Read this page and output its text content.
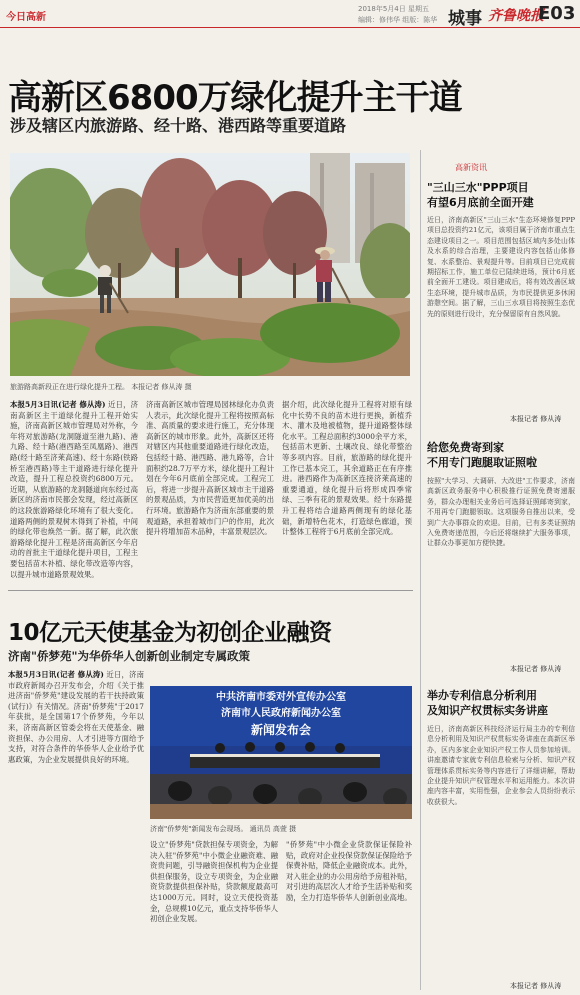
今日高新
2018年5月4日 星期五
编辑：修伟华 组版：陈华 城事 齐鲁晚报
E03
高新区6800万绿化提升主干道
涉及辖区内旅游路、经十路、港西路等重要道路
旅游路高新段正在进行绿化提升工程。 本报记者 修从涛 摄
本报5月3日讯(记者 修从涛) 近日，济南高新区主干道绿化提升工程开始实施，济南高新区城市管理局对外称，今年将对旅游路(龙洞隧道至港九路)、港九路、经十路(港西路至凤凰路)、港西路(经十路至济莱高速)、经十东路(铁路桥至港西路)等主干道路进行绿化提升改造，提升工程总投资约6800万元。近期，从旅游路的龙洞隧道向东经过高新区的济南市民都会发现，经过高新区的这段旅游路绿化环境有了很大变化。道路两侧的景观树木得到了补植，中间的绿化带也焕然一新。据了解，此次旅游路绿化提升工程是济南高新区今年启动的首批主干道绿化提升项目，工程主要包括苗木补植、绿化带改造等内容，以提升城市道路景观效果。
济南高新区城市管理局园林绿化办负责人表示，此次绿化提升工程将按照高标准、高质量的要求进行施工，充分体现高新区的城市形象。此外，高新区还将对辖区内其他重要道路进行绿化改造，包括经十路、港西路、港九路等，合计面积约28.7万平方米，绿化提升工程计划在今年6月底前全部完成。工程完工后，将进一步提升高新区城市主干道路的景观品质，为市民营造更加优美的出行环境。旅游路作为济南东部重要的景观道路，承担着城市门户的作用，此次提升将增加苗木品种，丰富景观层次。
据介绍，此次绿化提升工程将对原有绿化中长势不良的苗木进行更换，新植乔木、灌木及地被植物，提升道路整体绿化水平。工程总面积约3000余平方米，包括苗木更新、土壤改良、绿化带整治等多项内容。目前，旅游路的绿化提升工作已基本完工，其余道路正在有序推进。港西路作为高新区连接济莱高速的重要通道，绿化提升后将形成四季常绿、三季有花的景观效果。经十东路提升工程将结合道路两侧现有的绿化基础，新增特色花木，打造绿色廊道，预计整体工程将于6月底前全部完成。
高新资讯
"三山三水"PPP项目
有望6月底前全面开建
近日，济南高新区"三山三水"生态环境修复PPP项目总投资约21亿元，该项目属于济南市重点生态建设项目之一。项目范围包括区域内多处山体及水系的综合治理，主要建设内容包括山体修复、水系整治、景观提升等。目前项目已完成前期招标工作，施工单位已陆续进场，预计6月底前全面开工建设。项目建成后，将有效改善区域生态环境，提升城市品质，为市民提供更多休闲游憩空间。据了解，三山三水项目将按照生态优先的原则进行设计，充分保留原有自然风貌。
本报记者 修从涛
给您免费寄到家
不用专门跑腿取证照啦
按照"大学习、大调研、大改进"工作要求，济南高新区政务服务中心积极推行证照免费寄递服务，群众办理相关业务后可选择证照邮寄到家，不用再专门跑腿领取。这项服务自推出以来，受到广大办事群众的欢迎。目前，已有多类证照纳入免费寄递范围，今后还将继续扩大服务事项，让群众办事更加方便快捷。
本报记者 修从涛
举办专利信息分析利用
及知识产权贯标实务讲座
近日，济南高新区科技经济运行局主办的专利信息分析利用及知识产权贯标实务讲座在高新区举办，区内多家企业知识产权工作人员参加培训。讲座邀请专家就专利信息检索与分析、知识产权管理体系贯标实务等内容进行了详细讲解，帮助企业提升知识产权管理水平和运用能力。本次讲座内容丰富，实用性强，企业参会人员纷纷表示收获很大。
本报记者 修从涛
10亿元天使基金为初创企业融资
济南"侨梦苑"为华侨华人创新创业制定专属政策
本报5月3日讯(记者 修从涛) 近日，济南市政府新闻办召开发布会，介绍《关于推进济南"侨梦苑"建设发展的若干扶持政策(试行)》有关情况。济南"侨梦苑"于2017年获批，是全国第17个侨梦苑，今年以来，济南高新区管委会将在天使基金、融资担保、办公用房、人才引进等方面给予支持，对符合条件的华侨华人企业给予优惠政策，为企业发展提供良好的环境。
中共济南市委对外宣传办公室
济南市人民政府新闻办公室
新闻发布会
济南"侨梦苑"新闻发布会现场。 通讯员 高萱 摄
设立"侨梦苑"贷款担保专项资金，为解决入驻"侨梦苑"中小微企业融资难、融资贵问题，引导融资担保机构为企业提供担保服务，设立专项资金，为企业融资贷款提供担保补贴，贷款额度最高可达1000万元。同时，设立天使投资基金，总规模10亿元，重点支持华侨华人初创企业发展。
"侨梦苑"中小微企业贷款保证保险补贴，政府对企业投保贷款保证保险给予保费补贴，降低企业融资成本。此外，对入驻企业的办公用房给予房租补贴，对引进的高层次人才给予生活补贴和奖励，全力打造华侨华人创新创业高地。
